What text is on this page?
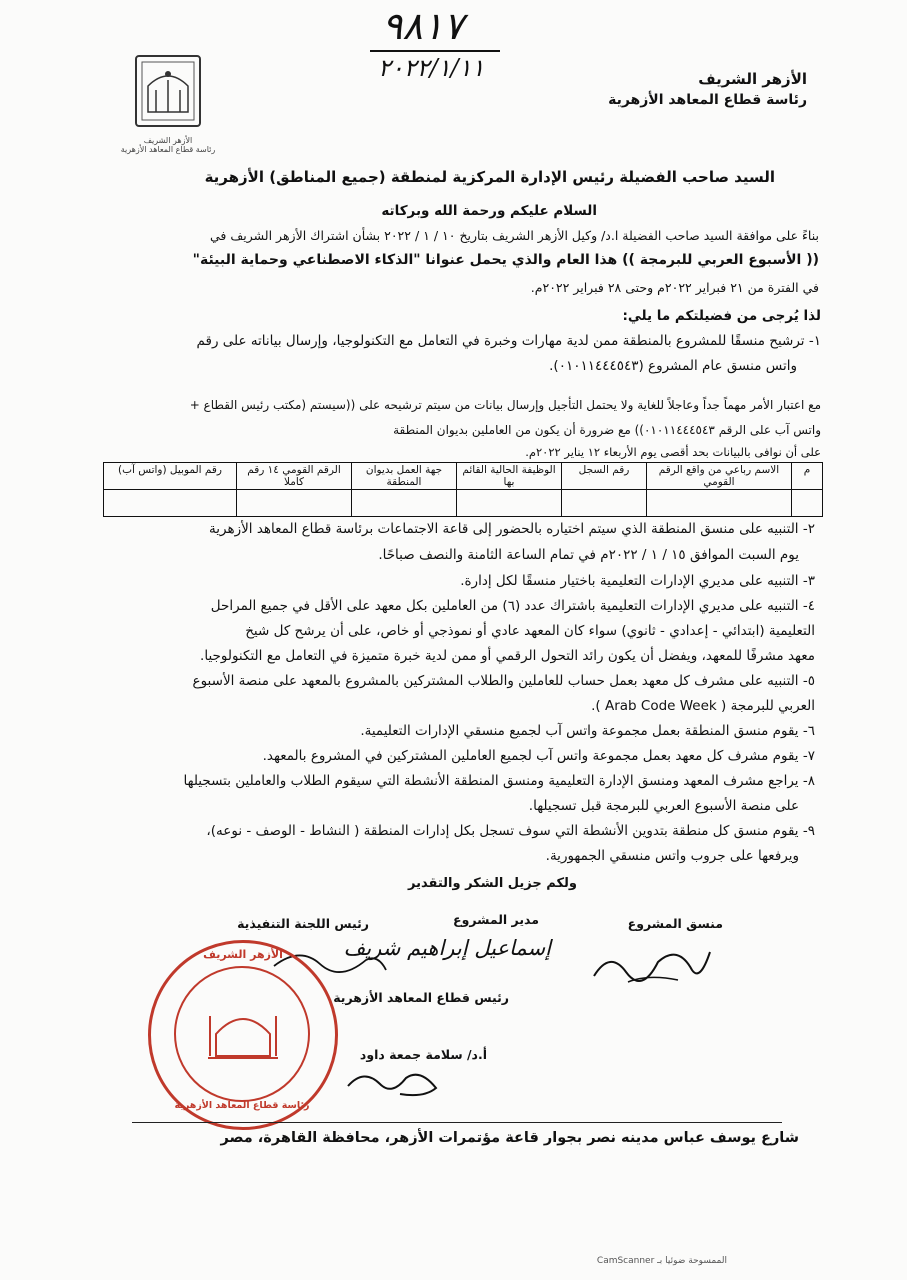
٩٨١٧
٢٠٢٢/١/١١
الأزهر الشريف
رئاسة قطاع المعاهد الأزهرية
الأزهر الشريف
رئاسة قطاع المعاهد الأزهرية
السيد صاحب الفضيلة رئيس الإدارة المركزية لمنطقة (جميع المناطق) الأزهرية
السلام عليكم ورحمة الله وبركاته
بناءً على موافقة السيد صاحب الفضيلة ا.د/ وكيل الأزهر الشريف بتاريخ ١٠ / ١ / ٢٠٢٢ بشأن اشتراك الأزهر الشريف في
(( الأسبوع العربي للبرمجة )) هذا العام والذي يحمل عنوانا "الذكاء الاصطناعي وحماية البيئة"
في الفترة من ٢١ فبراير ٢٠٢٢م وحتى ٢٨ فبراير ٢٠٢٢م.
لذا يُرجى من فضيلتكم ما يلي:
١- ترشيح منسقًا للمشروع بالمنطقة ممن لدية مهارات وخبرة في التعامل مع التكنولوجيا، وإرسال بياناته على رقم
واتس منسق عام المشروع (٠١٠١١٤٤٤٥٤٣).
مع اعتبار الأمر مهماً جداً وعاجلاً للغاية ولا يحتمل التأجيل وإرسال بيانات من سيتم ترشيحه على ((سيستم (مكتب رئيس القطاع +
واتس آب على الرقم ٠١٠١١٤٤٤٥٤٣)) مع ضرورة أن يكون من العاملين بديوان المنطقة
على أن نوافى بالبيانات بحد أقصى يوم الأربعاء ١٢ يناير ٢٠٢٢م.
م	الاسم رباعي من واقع الرقم القومي	رقم السجل	الوظيفة الحالية القائم بها	جهة العمل بديوان المنطقة	الرقم القومي ١٤ رقم كاملا	رقم الموبيل (واتس آب)

٢- التنبيه على منسق المنطقة الذي سيتم اختياره بالحضور إلى قاعة الاجتماعات برئاسة قطاع المعاهد الأزهرية
يوم السبت الموافق ١٥ / ١ / ٢٠٢٢م في تمام الساعة الثامنة والنصف صباحًا.
٣- التنبيه على مديري الإدارات التعليمية باختيار منسقًا لكل إدارة.
٤- التنبيه على مديري الإدارات التعليمية باشتراك عدد (٦) من العاملين بكل معهد على الأقل في جميع المراحل
التعليمية (ابتدائي - إعدادي - ثانوي) سواء كان المعهد عادي أو نموذجي أو خاص، على أن يرشح كل شيخ
معهد مشرفًا للمعهد، ويفضل أن يكون رائد التحول الرقمي أو ممن لدية خبرة متميزة في التعامل مع التكنولوجيا.
٥- التنبيه على مشرف كل معهد بعمل حساب للعاملين والطلاب المشتركين بالمشروع بالمعهد على منصة الأسبوع
العربي للبرمجة ( Arab Code Week ).
٦- يقوم منسق المنطقة بعمل مجموعة واتس آب لجميع منسقي الإدارات التعليمية.
٧- يقوم مشرف كل معهد بعمل مجموعة واتس آب لجميع العاملين المشتركين في المشروع بالمعهد.
٨- يراجع مشرف المعهد ومنسق الإدارة التعليمية ومنسق المنطقة الأنشطة التي سيقوم الطلاب والعاملين بتسجيلها
على منصة الأسبوع العربي للبرمجة قبل تسجيلها.
٩- يقوم منسق كل منطقة بتدوين الأنشطة التي سوف تسجل بكل إدارات المنطقة ( النشاط - الوصف - نوعه)،
ويرفعها على جروب واتس منسقي الجمهورية.
ولكم جزيل الشكر والتقدير
منسق المشروع
مدير المشروع
رئيس اللجنة التنفيذية
إسماعيل إبراهيم شريف
رئيس قطاع المعاهد الأزهرية
أ.د/ سلامة جمعة داود
الأزهر الشريف
رئاسة قطاع المعاهد الأزهرية
شارع يوسف عباس مدينه نصر بجوار قاعة مؤتمرات الأزهر، محافظة القاهرة، مصر
الممسوحة ضوئيا بـ CamScanner
